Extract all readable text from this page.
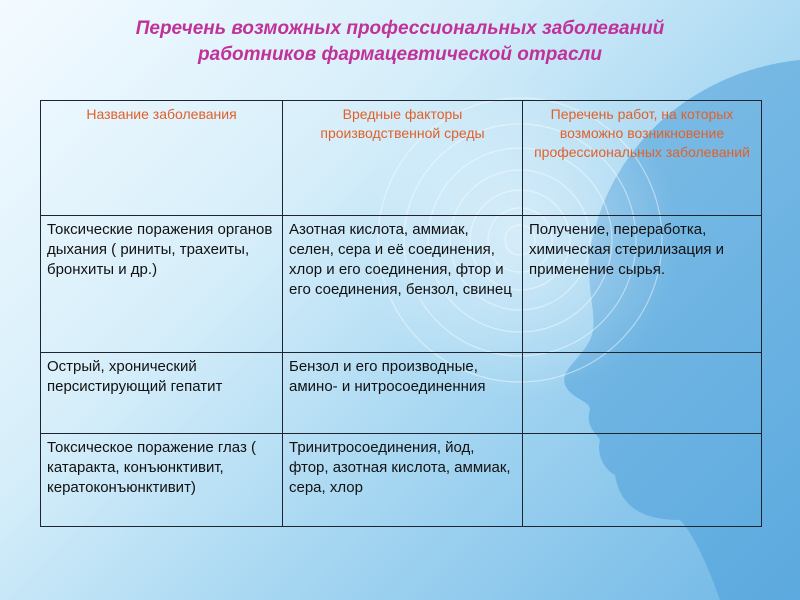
Перечень возможных профессиональных заболеваний
работников фармацевтической отрасли
Название заболевания	Вредные факторы производственной среды	Перечень работ, на которых возможно возникновение профессиональных заболеваний
Токсические поражения органов дыхания ( риниты, трахеиты, бронхиты и др.)	Азотная кислота, аммиак, селен, сера и её соединения, хлор и его соединения, фтор и его соединения, бензол, свинец	Получение, переработка, химическая стерилизация и применение сырья.
Острый, хронический персистирующий гепатит	Бензол и его производные, амино- и нитросоединенния	
Токсическое поражение глаз ( катаракта, конъюнктивит, кератоконъюнктивит)	Тринитросоединения, йод, фтор, азотная кислота, аммиак, сера, хлор	
